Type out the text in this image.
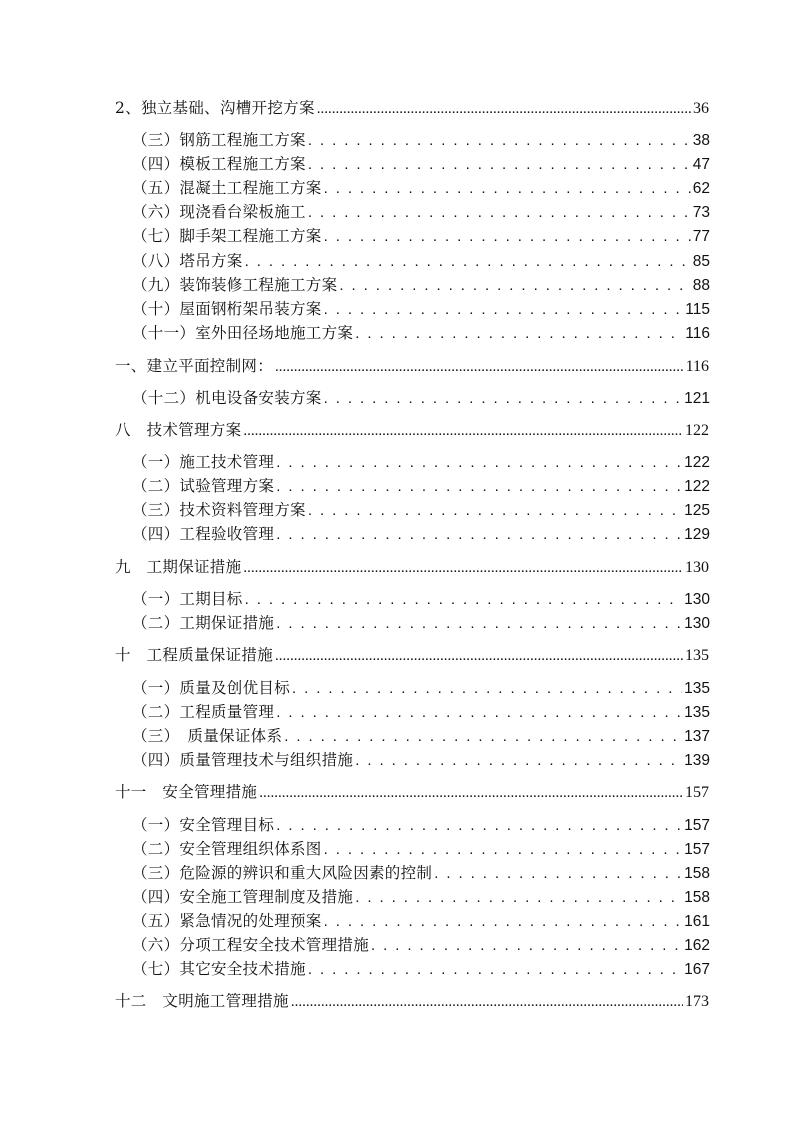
2、独立基础、沟槽开挖方案 .....	36
（三）钢筋工程施工方案 . . .	38
（四）模板工程施工方案 . . .	47
（五）混凝土工程施工方案 . . .	62
（六）现浇看台梁板施工 . . .	73
（七）脚手架工程施工方案 . . .	77
（八）塔吊方案 . . .	85
（九）装饰装修工程施工方案 . . .	88
（十）屋面钢桁架吊装方案 . . .	115
（十一）室外田径场地施工方案 . . .	116
一、建立平面控制网： .....	116
（十二）机电设备安装方案 . . .	121
八　技术管理方案 .....	122
（一）施工技术管理 . . .	122
（二）试验管理方案 . . .	122
（三）技术资料管理方案 . . .	125
（四）工程验收管理 . . .	129
九　工期保证措施 .....	130
（一）工期目标 . . .	130
（二）工期保证措施 . . .	130
十　工程质量保证措施 .....	135
（一）质量及创优目标 . . .	135
（二）工程质量管理 . . .	135
（三）　质量保证体系 . . .	137
（四）质量管理技术与组织措施 . . .	139
十一　安全管理措施 .....	157
（一）安全管理目标 . . .	157
（二）安全管理组织体系图 . . .	157
（三）危险源的辨识和重大风险因素的控制 . . .	158
（四）安全施工管理制度及措施 . . .	158
（五）紧急情况的处理预案 . . .	161
（六）分项工程安全技术管理措施 . . .	162
（七）其它安全技术措施 . . .	167
十二　文明施工管理措施 .....	173
